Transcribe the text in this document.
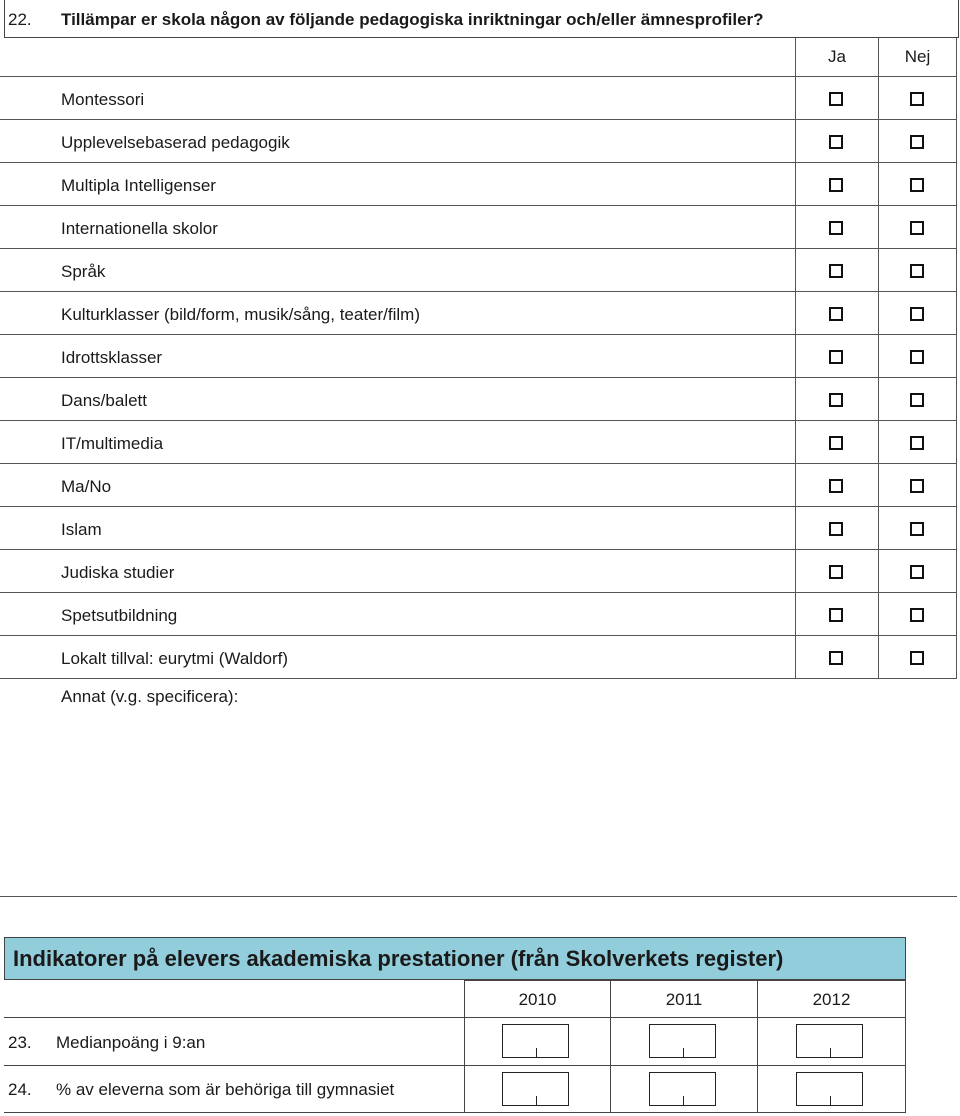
22. Tillämpar er skola någon av följande pedagogiska inriktningar och/eller ämnesprofiler?
Ja	Nej
Montessori
Upplevelsebaserad pedagogik
Multipla Intelligenser
Internationella skolor
Språk
Kulturklasser (bild/form, musik/sång, teater/film)
Idrottsklasser
Dans/balett
IT/multimedia
Ma/No
Islam
Judiska studier
Spetsutbildning
Lokalt tillval: eurytmi (Waldorf)
Annat (v.g. specificera):
Indikatorer på elevers akademiska prestationer (från Skolverkets register)
2010	2011	2012
23. Medianpoäng i 9:an
24. % av eleverna som är behöriga till gymnasiet
